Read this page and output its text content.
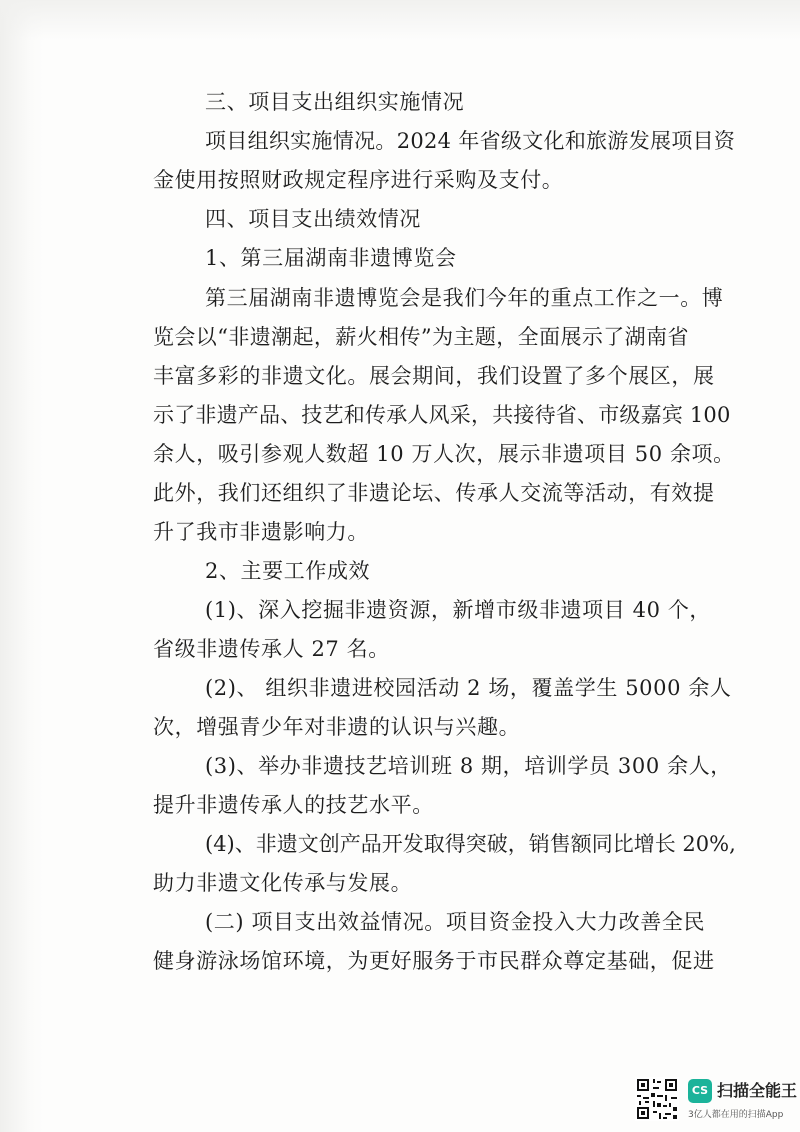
三、项目支出组织实施情况

项目组织实施情况。2024 年省级文化和旅游发展项目资

金使用按照财政规定程序进行采购及支付。

四、项目支出绩效情况

1、第三届湖南非遗博览会

第三届湖南非遗博览会是我们今年的重点工作之一。博

览会以“非遗潮起，薪火相传”为主题，全面展示了湖南省

丰富多彩的非遗文化。展会期间，我们设置了多个展区，展

示了非遗产品、技艺和传承人风采，共接待省、市级嘉宾 100

余人，吸引参观人数超 10 万人次，展示非遗项目 50 余项。

此外，我们还组织了非遗论坛、传承人交流等活动，有效提

升了我市非遗影响力。

2、主要工作成效

(1)、深入挖掘非遗资源，新增市级非遗项目 40 个，

省级非遗传承人 27 名。

(2)、 组织非遗进校园活动 2 场，覆盖学生 5000 余人

次，增强青少年对非遗的认识与兴趣。

(3)、举办非遗技艺培训班 8 期，培训学员 300 余人，

提升非遗传承人的技艺水平。

(4)、非遗文创产品开发取得突破，销售额同比增长 20%,

助力非遗文化传承与发展。

(二) 项目支出效益情况。项目资金投入大力改善全民

健身游泳场馆环境，为更好服务于市民群众尊定基础，促进

CS 扫描全能王
3亿人都在用的扫描App
